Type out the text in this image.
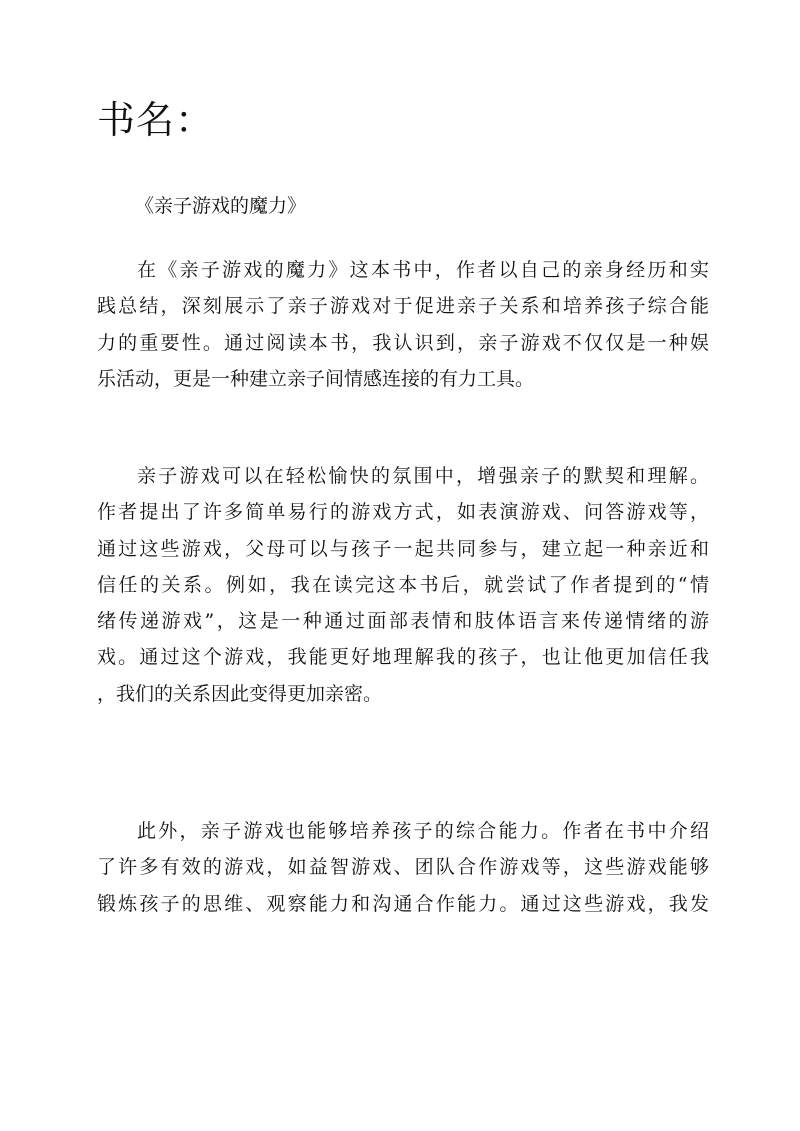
书名：
《亲子游戏的魔力》
在《亲子游戏的魔力》这本书中，作者以自己的亲身经历和实
践总结，深刻展示了亲子游戏对于促进亲子关系和培养孩子综合能
力的重要性。通过阅读本书，我认识到，亲子游戏不仅仅是一种娱
乐活动，更是一种建立亲子间情感连接的有力工具。
亲子游戏可以在轻松愉快的氛围中，增强亲子的默契和理解。
作者提出了许多简单易行的游戏方式，如表演游戏、问答游戏等，
通过这些游戏，父母可以与孩子一起共同参与，建立起一种亲近和
信任的关系。例如，我在读完这本书后，就尝试了作者提到的“情
绪传递游戏”，这是一种通过面部表情和肢体语言来传递情绪的游
戏。通过这个游戏，我能更好地理解我的孩子，也让他更加信任我
，我们的关系因此变得更加亲密。
此外，亲子游戏也能够培养孩子的综合能力。作者在书中介绍
了许多有效的游戏，如益智游戏、团队合作游戏等，这些游戏能够
锻炼孩子的思维、观察能力和沟通合作能力。通过这些游戏，我发
